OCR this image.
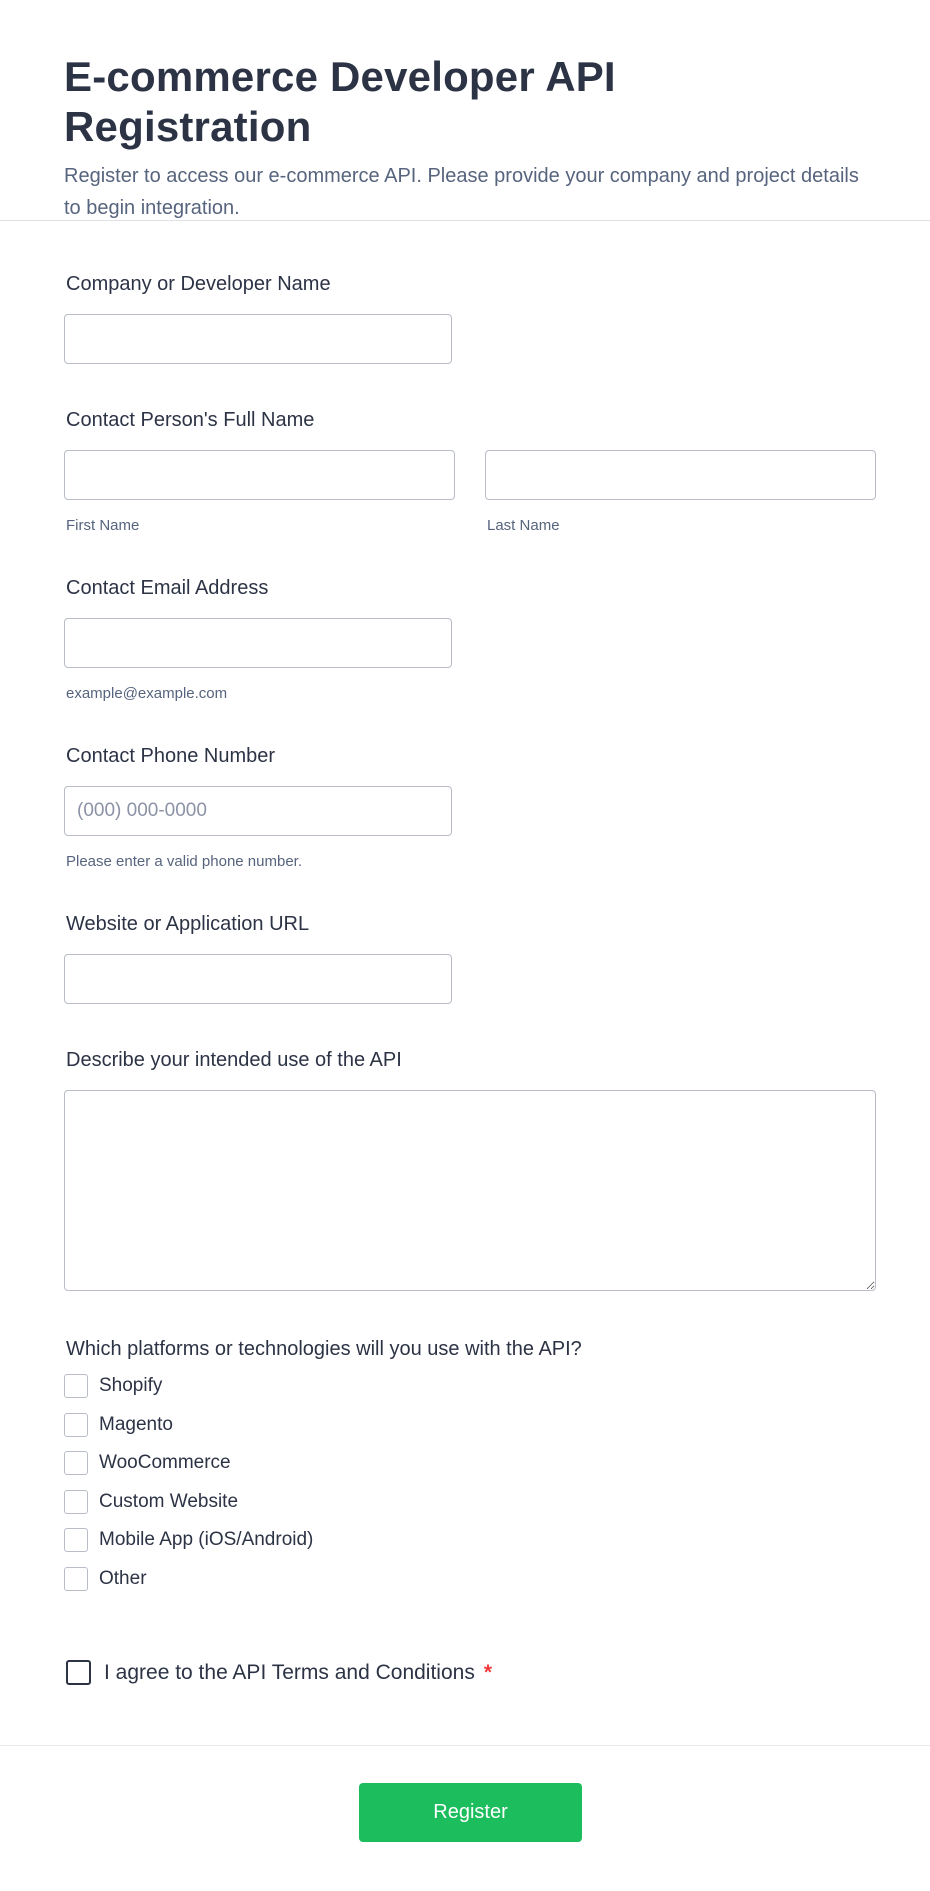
E-commerce Developer API Registration

Register to access our e-commerce API. Please provide your company and project details to begin integration.

Company or Developer Name
Contact Person's Full Name
First Name	Last Name
Contact Email Address
example@example.com
Contact Phone Number
(000) 000-0000
Please enter a valid phone number.
Website or Application URL
Describe your intended use of the API
Which platforms or technologies will you use with the API?
Shopify
Magento
WooCommerce
Custom Website
Mobile App (iOS/Android)
Other
I agree to the API Terms and Conditions *
Register
